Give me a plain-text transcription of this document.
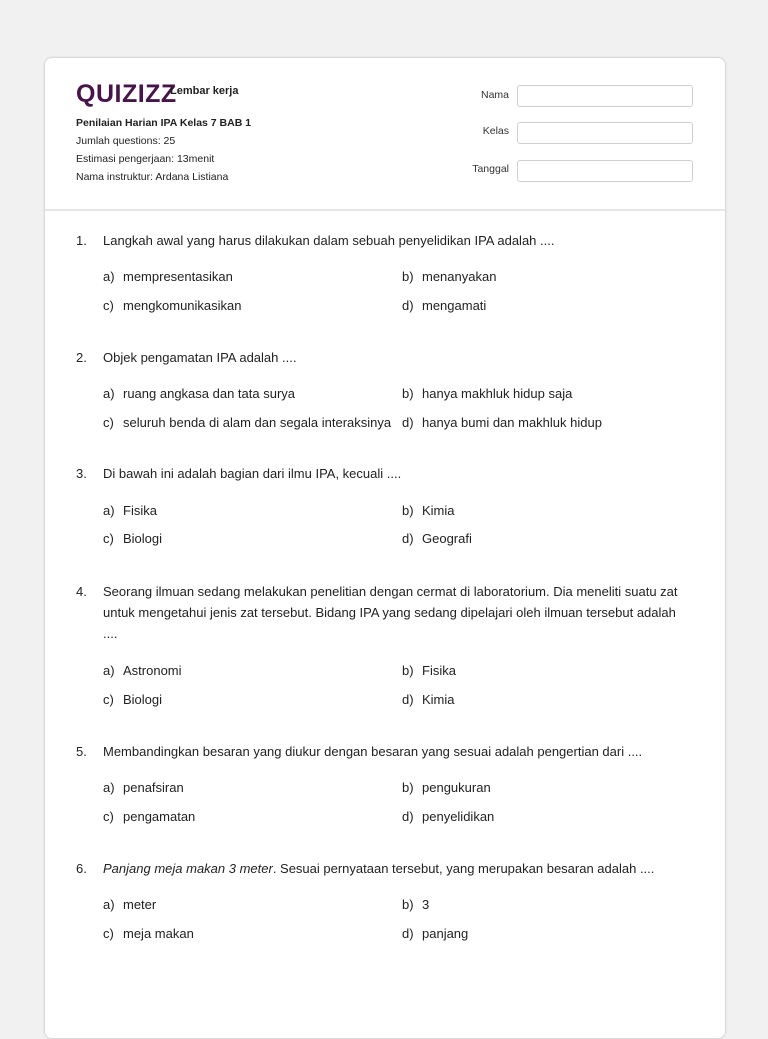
QUIZIZZ
Lembar kerja
Penilaian Harian IPA Kelas 7 BAB 1
Jumlah questions: 25
Estimasi pengerjaan: 13menit
Nama instruktur: Ardana Listiana
Nama
Kelas
Tanggal
1. Langkah awal yang harus dilakukan dalam sebuah penyelidikan IPA adalah ....
a) mempresentasikan	b) menanyakan
c) mengkomunikasikan	d) mengamati
2. Objek pengamatan IPA adalah ....
a) ruang angkasa dan tata surya	b) hanya makhluk hidup saja
c) seluruh benda di alam dan segala interaksinya d) hanya bumi dan makhluk hidup
3. Di bawah ini adalah bagian dari ilmu IPA, kecuali ....
a) Fisika	b) Kimia
c) Biologi	d) Geografi
4. Seorang ilmuan sedang melakukan penelitian dengan cermat di laboratorium. Dia meneliti suatu zat untuk mengetahui jenis zat tersebut. Bidang IPA yang sedang dipelajari oleh ilmuan tersebut adalah ....
a) Astronomi	b) Fisika
c) Biologi	d) Kimia
5. Membandingkan besaran yang diukur dengan besaran yang sesuai adalah pengertian dari ....
a) penafsiran	b) pengukuran
c) pengamatan	d) penyelidikan
6. Panjang meja makan 3 meter. Sesuai pernyataan tersebut, yang merupakan besaran adalah ....
a) meter	b) 3
c) meja makan	d) panjang
